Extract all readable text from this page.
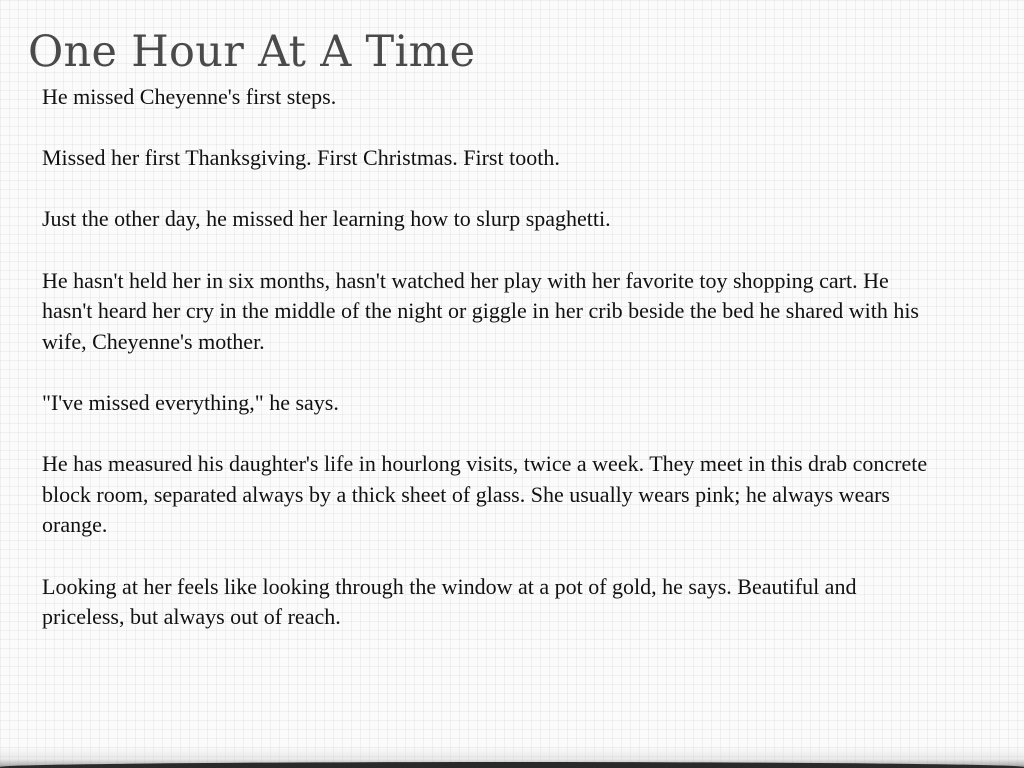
One Hour At A Time

He missed Cheyenne's first steps.

Missed her first Thanksgiving. First Christmas. First tooth.

Just the other day, he missed her learning how to slurp spaghetti.

He hasn't held her in six months, hasn't watched her play with her favorite toy shopping cart. He hasn't heard her cry in the middle of the night or giggle in her crib beside the bed he shared with his wife, Cheyenne's mother.

"I've missed everything," he says.

He has measured his daughter's life in hourlong visits, twice a week. They meet in this drab concrete block room, separated always by a thick sheet of glass. She usually wears pink; he always wears orange.

Looking at her feels like looking through the window at a pot of gold, he says. Beautiful and priceless, but always out of reach.
